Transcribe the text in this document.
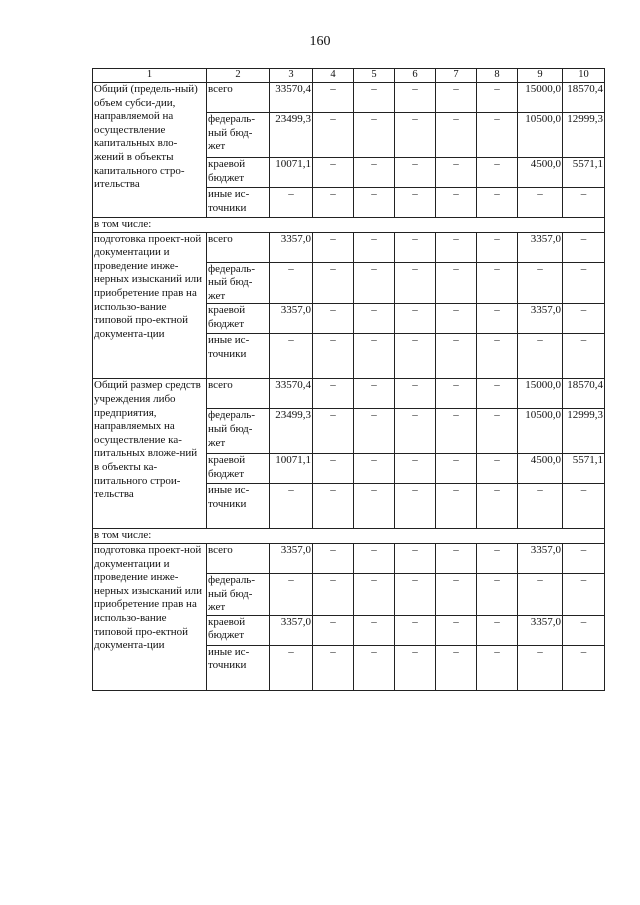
160
1	2	3	4	5	6	7	8	9	10
Общий (предель-ный) объем субси-дии, направляемой на осуществление капитальных вло-жений в объекты капитального стро-ительства	всего	33570,4	–	–	–	–	–	15000,0	18570,4
	федераль-ный бюд-жет	23499,3	–	–	–	–	–	10500,0	12999,3
	краевой бюджет	10071,1	–	–	–	–	–	4500,0	5571,1
	иные ис-точники	–	–	–	–	–	–	–	–
в том числе:									
подготовка проект-ной документации и проведение инже-нерных изысканий или приобретение прав на использо-вание типовой про-ектной документа-ции	всего	3357,0	–	–	–	–	–	3357,0	–
	федераль-ный бюд-жет	–	–	–	–	–	–	–	–
	краевой бюджет	3357,0	–	–	–	–	–	3357,0	–
	иные ис-точники	–	–	–	–	–	–	–	–
Общий размер средств учреждения либо предприятия, направляемых на осуществление ка-питальных вложе-ний в объекты ка-питального строи-тельства	всего	33570,4	–	–	–	–	–	15000,0	18570,4
	федераль-ный бюд-жет	23499,3	–	–	–	–	–	10500,0	12999,3
	краевой бюджет	10071,1	–	–	–	–	–	4500,0	5571,1
	иные ис-точники	–	–	–	–	–	–	–	–
в том числе:									
подготовка проект-ной документации и проведение инже-нерных изысканий или приобретение прав на использо-вание типовой про-ектной документа-ции	всего	3357,0	–	–	–	–	–	3357,0	–
	федераль-ный бюд-жет	–	–	–	–	–	–	–	–
	краевой бюджет	3357,0	–	–	–	–	–	3357,0	–
	иные ис-точники	–	–	–	–	–	–	–	–
